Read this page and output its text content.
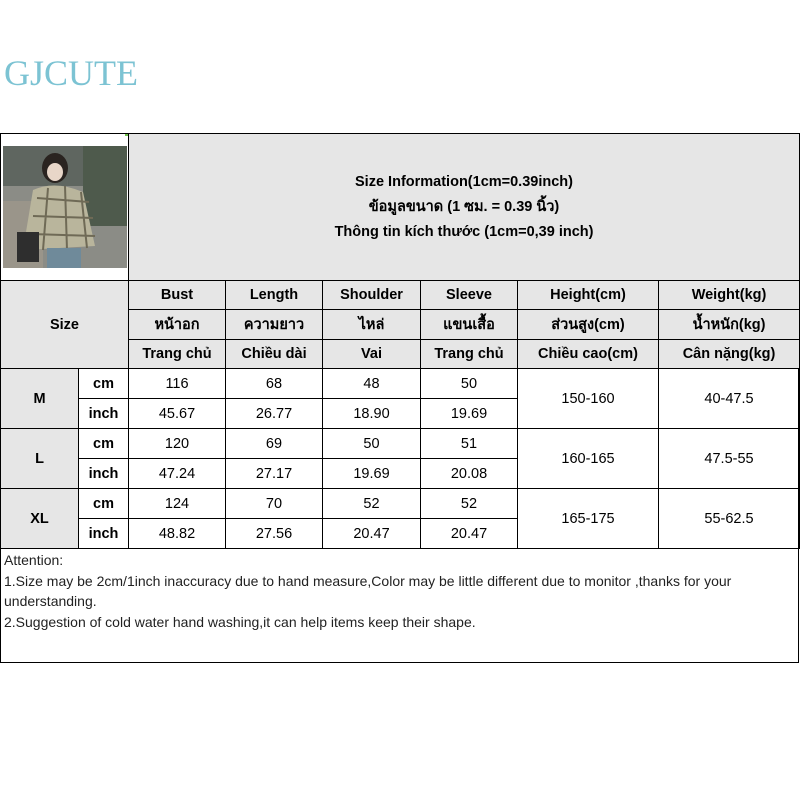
GJCUTE

Size Information(1cm=0.39inch)
ข้อมูลขนาด (1 ซม. = 0.39 นิ้ว)
Thông tin kích thước (1cm=0,39 inch)					

Size		Bust	Length	Shoulder	Sleeve	Height(cm)	Weight(kg)
		หน้าอก	ความยาว	ไหล่	แขนเสื้อ	ส่วนสูง(cm)	น้ำหนัก(kg)
		Trang chủ	Chiều dài	Vai	Trang chủ	Chiều cao(cm)	Cân nặng(kg)
M	cm	116	68	48	50	150-160	40-47.5
	inch	45.67	26.77	18.90	19.69		
L	cm	120	69	50	51	160-165	47.5-55
	inch	47.24	27.17	19.69	20.08		
XL	cm	124	70	52	52	165-175	55-62.5
	inch	48.82	27.56	20.47	20.47		
Attention:
1.Size may be 2cm/1inch inaccuracy due to hand measure,Color may be little different due to monitor ,thanks for your understanding.
2.Suggestion of cold water hand washing,it can help items keep their shape.
